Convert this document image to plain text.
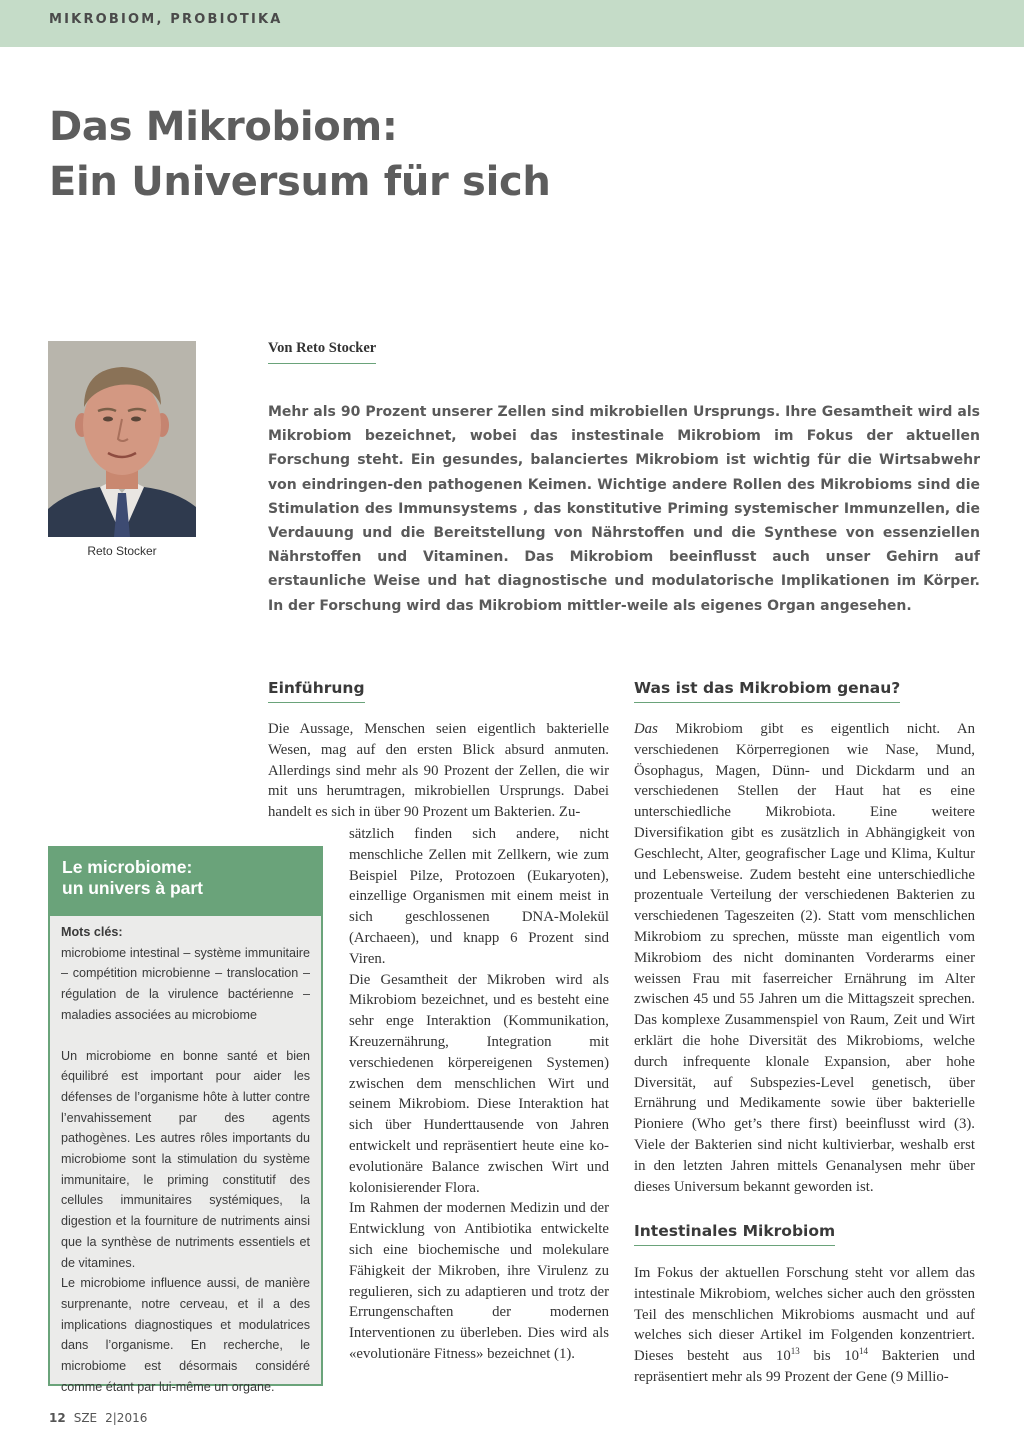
MIKROBIOM, PROBIOTIKA
Das Mikrobiom:
Ein Universum für sich
Reto Stocker
Von Reto Stocker

Mehr als 90 Prozent unserer Zellen sind mikrobiellen Ursprungs. Ihre Gesamtheit wird als Mikrobiom bezeichnet, wobei das instestinale Mikrobiom im Fokus der aktuellen Forschung steht. Ein gesundes, balanciertes Mikrobiom ist wichtig für die Wirtsabwehr von eindringen-den pathogenen Keimen. Wichtige andere Rollen des Mikrobioms sind die Stimulation des Immunsystems , das konstitutive Priming systemischer Immunzellen, die Verdauung und die Bereitstellung von Nährstoffen und die Synthese von essenziellen Nährstoffen und Vitaminen. Das Mikrobiom beeinflusst auch unser Gehirn auf erstaunliche Weise und hat diagnostische und modulatorische Implikationen im Körper. In der Forschung wird das Mikrobiom mittler-weile als eigenes Organ angesehen.

Einführung

Die Aussage, Menschen seien eigentlich bakterielle Wesen, mag auf den ersten Blick absurd anmuten. Allerdings sind mehr als 90 Prozent der Zellen, die wir mit uns herumtragen, mikrobiellen Ursprungs. Dabei handelt es sich in über 90 Prozent um Bakterien. Zu-

sätzlich finden sich andere, nicht menschliche Zellen mit Zellkern, wie zum Beispiel Pilze, Protozoen (Eukaryoten), einzellige Organismen mit einem meist in sich geschlossenen DNA-Molekül (Archaeen), und knapp 6 Prozent sind Viren.

Die Gesamtheit der Mikroben wird als Mikrobiom bezeichnet, und es besteht eine sehr enge Interaktion (Kommunikation, Kreuzernährung, Integration mit verschiedenen körpereigenen Systemen) zwischen dem menschlichen Wirt und seinem Mikrobiom. Diese Interaktion hat sich über Hunderttausende von Jahren entwickelt und repräsentiert heute eine ko-evolutionäre Balance zwischen Wirt und kolonisierender Flora.

Im Rahmen der modernen Medizin und der Entwicklung von Antibiotika entwickelte sich eine biochemische und molekulare Fähigkeit der Mikroben, ihre Virulenz zu regulieren, sich zu adaptieren und trotz der Errungenschaften der modernen Interventionen zu überleben. Dies wird als «evolutionäre Fitness» bezeichnet (1).

Was ist das Mikrobiom genau?

Das Mikrobiom gibt es eigentlich nicht. An verschiedenen Körperregionen wie Nase, Mund, Ösophagus, Magen, Dünn- und Dickdarm und an verschiedenen Stellen der Haut hat es eine unterschiedliche Mikrobiota. Eine weitere Diversifikation gibt es zusätzlich in Abhängigkeit von Geschlecht, Alter, geografischer Lage und Klima, Kultur und Lebensweise. Zudem besteht eine unterschiedliche prozentuale Verteilung der verschiedenen Bakterien zu verschiedenen Tageszeiten (2). Statt vom menschlichen Mikrobiom zu sprechen, müsste man eigentlich vom Mikrobiom des nicht dominanten Vorderarms einer weissen Frau mit faserreicher Ernährung im Alter zwischen 45 und 55 Jahren um die Mittagszeit sprechen. Das komplexe Zusammenspiel von Raum, Zeit und Wirt erklärt die hohe Diversität des Mikrobioms, welche durch infrequente klonale Expansion, aber hohe Diversität, auf Subspezies-Level genetisch, über Ernährung und Medikamente sowie über bakterielle Pioniere (Who get’s there first) beeinflusst wird (3). Viele der Bakterien sind nicht kultivierbar, weshalb erst in den letzten Jahren mittels Genanalysen mehr über dieses Universum bekannt geworden ist.

Intestinales Mikrobiom

Im Fokus der aktuellen Forschung steht vor allem das intestinale Mikrobiom, welches sicher auch den grössten Teil des menschlichen Mikrobioms ausmacht und auf welches sich dieser Artikel im Folgenden konzentriert. Dieses besteht aus $10^{13}$ bis $10^{14}$ Bakterien und repräsentiert mehr als 99 Prozent der Gene (9 Millio-

Le microbiome:
un univers à part

Mots clés:

microbiome intestinal – système immunitaire – compétition microbienne – translocation – régulation de la virulence bactérienne – maladies associées au microbiome

Un microbiome en bonne santé et bien équilibré est important pour aider les défenses de l’organisme hôte à lutter contre l’envahissement par des agents pathogènes. Les autres rôles importants du microbiome sont la stimulation du système immunitaire, le priming constitutif des cellules immunitaires systémiques, la digestion et la fourniture de nutriments ainsi que la synthèse de nutriments essentiels et de vitamines.

Le microbiome influence aussi, de manière surprenante, notre cerveau, et il a des implications diagnostiques et modulatrices dans l’organisme. En recherche, le microbiome est désormais considéré comme étant par lui-même un organe.

12 SZE 2|2016
